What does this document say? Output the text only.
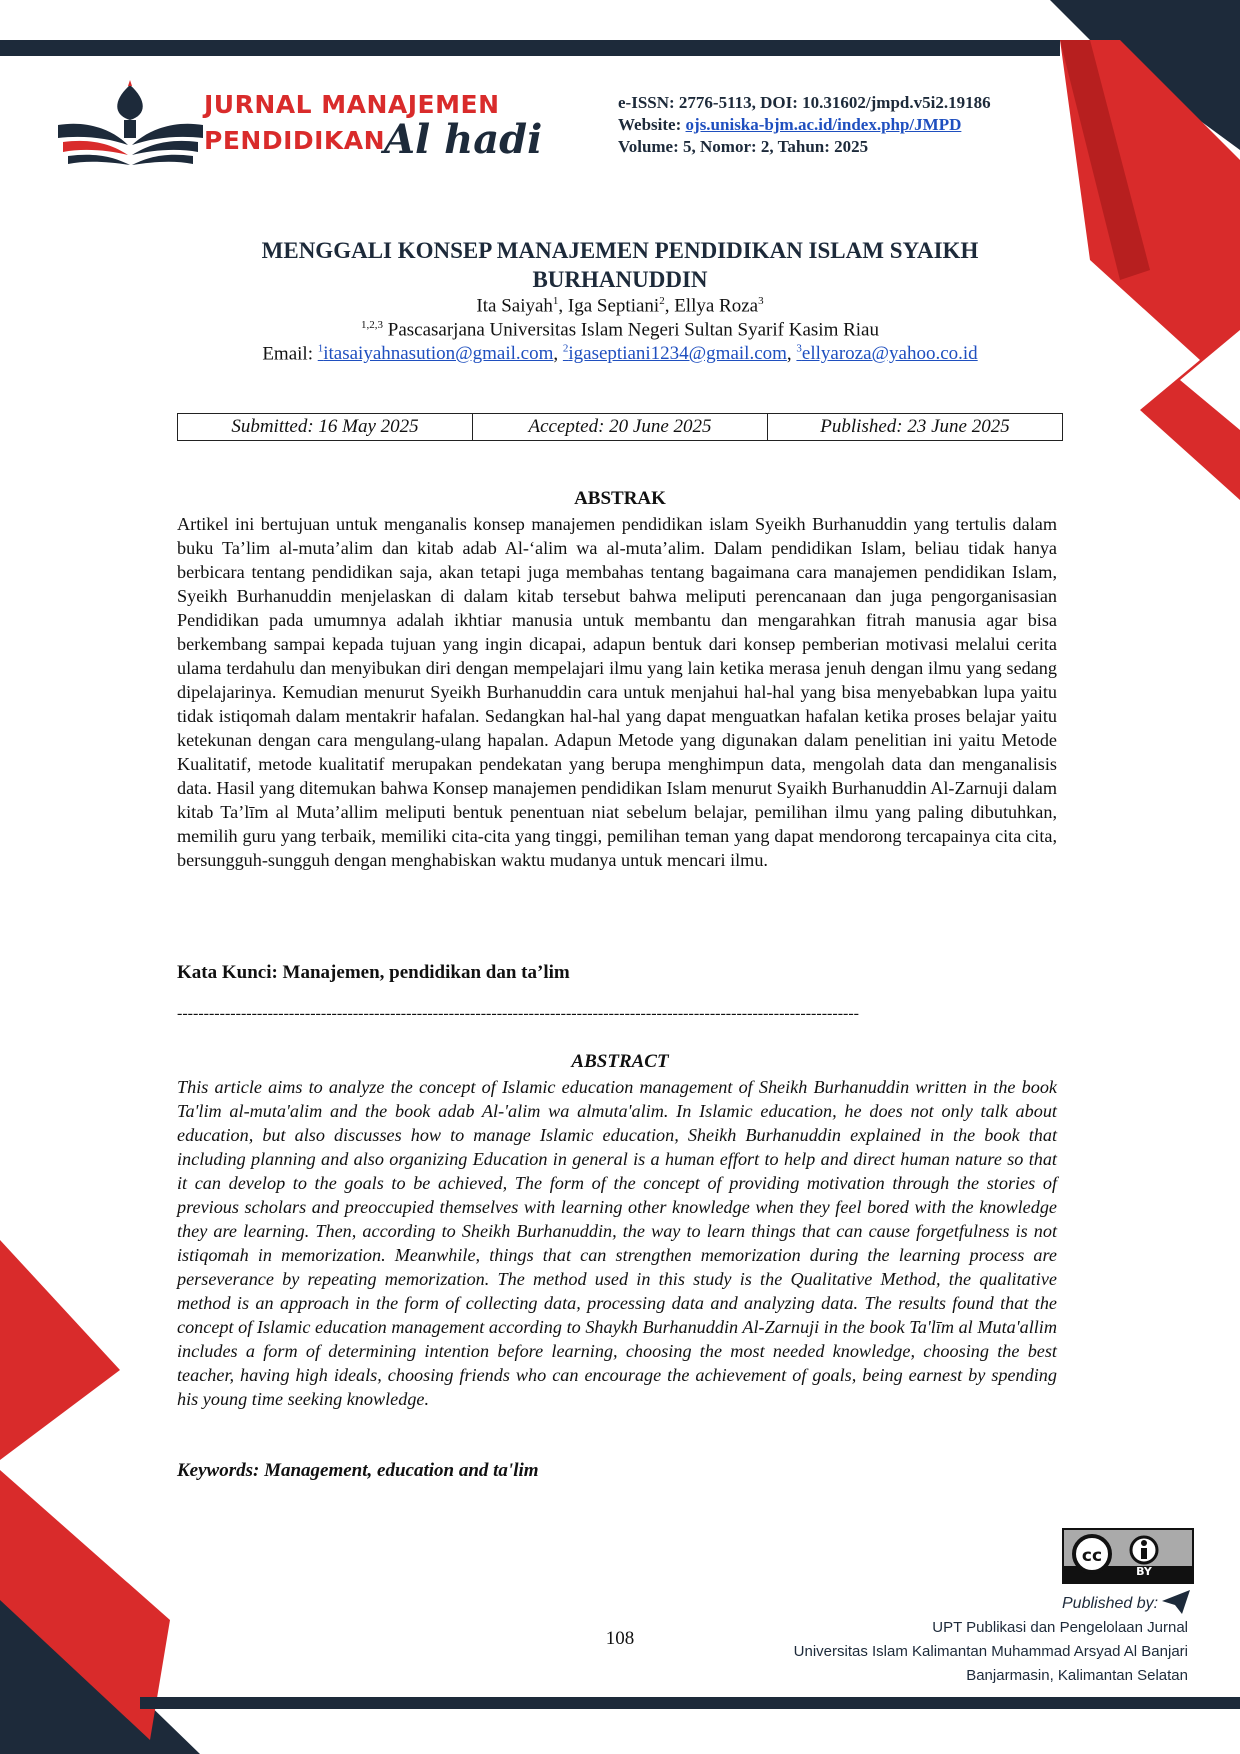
JURNAL MANAJEMEN
PENDIDIKAN
Al hadi
e-ISSN: 2776-5113, DOI: 10.31602/jmpd.v5i2.19186
Website: ojs.uniska-bjm.ac.id/index.php/JMPD
Volume: 5, Nomor: 2, Tahun: 2025
MENGGALI KONSEP MANAJEMEN PENDIDIKAN ISLAM SYAIKH
BURHANUDDIN
Ita Saiyah$^1$, Iga Septiani$^2$, Ellya Roza$^3$
$^{1,2,3}$ Pascasarjana Universitas Islam Negeri Sultan Syarif Kasim Riau
Email: $^1$itasaiyahnasution@gmail.com, $^2$igaseptiani1234@gmail.com, $^3$ellyaroza@yahoo.co.id
Submitted: 16 May 2025	Accepted: 20 June 2025	Published: 23 June 2025
ABSTRAK
Artikel ini bertujuan untuk menganalis konsep manajemen pendidikan islam Syeikh Burhanuddin yang tertulis dalam buku Ta’lim al-muta’alim dan kitab adab Al-‘alim wa al-muta’alim. Dalam pendidikan Islam, beliau tidak hanya berbicara tentang pendidikan saja, akan tetapi juga membahas tentang bagaimana cara manajemen pendidikan Islam, Syeikh Burhanuddin menjelaskan di dalam kitab tersebut bahwa meliputi perencanaan dan juga pengorganisasian Pendidikan pada umumnya adalah ikhtiar manusia untuk membantu dan mengarahkan fitrah manusia agar bisa berkembang sampai kepada tujuan yang ingin dicapai, adapun bentuk dari konsep pemberian motivasi melalui cerita ulama terdahulu dan menyibukan diri dengan mempelajari ilmu yang lain ketika merasa jenuh dengan ilmu yang sedang dipelajarinya. Kemudian menurut Syeikh Burhanuddin cara untuk menjahui hal-hal yang bisa menyebabkan lupa yaitu tidak istiqomah dalam mentakrir hafalan. Sedangkan hal-hal yang dapat menguatkan hafalan ketika proses belajar yaitu ketekunan dengan cara mengulang-ulang hapalan. Adapun Metode yang digunakan dalam penelitian ini yaitu Metode Kualitatif, metode kualitatif merupakan pendekatan yang berupa menghimpun data, mengolah data dan menganalisis data. Hasil yang ditemukan bahwa Konsep manajemen pendidikan Islam menurut Syaikh Burhanuddin Al-Zarnuji dalam kitab Ta’līm al Muta’allim meliputi bentuk penentuan niat sebelum belajar, pemilihan ilmu yang paling dibutuhkan, memilih guru yang terbaik, memiliki cita-cita yang tinggi, pemilihan teman yang dapat mendorong tercapainya cita cita, bersungguh-sungguh dengan menghabiskan waktu mudanya untuk mencari ilmu.
Kata Kunci: Manajemen, pendidikan dan ta’lim
--------------------------------------------------------------------------------------------------------------------------------
ABSTRACT
This article aims to analyze the concept of Islamic education management of Sheikh Burhanuddin written in the book Ta'lim al-muta'alim and the book adab Al-'alim wa almuta'alim. In Islamic education, he does not only talk about education, but also discusses how to manage Islamic education, Sheikh Burhanuddin explained in the book that including planning and also organizing Education in general is a human effort to help and direct human nature so that it can develop to the goals to be achieved, The form of the concept of providing motivation through the stories of previous scholars and preoccupied themselves with learning other knowledge when they feel bored with the knowledge they are learning. Then, according to Sheikh Burhanuddin, the way to learn things that can cause forgetfulness is not istiqomah in memorization. Meanwhile, things that can strengthen memorization during the learning process are perseverance by repeating memorization. The method used in this study is the Qualitative Method, the qualitative method is an approach in the form of collecting data, processing data and analyzing data. The results found that the concept of Islamic education management according to Shaykh Burhanuddin Al-Zarnuji in the book Ta'līm al Muta'allim includes a form of determining intention before learning, choosing the most needed knowledge, choosing the best teacher, having high ideals, choosing friends who can encourage the achievement of goals, being earnest by spending his young time seeking knowledge.
Keywords: Management, education and ta'lim
cc
BY
Published by:
UPT Publikasi dan Pengelolaan Jurnal
Universitas Islam Kalimantan Muhammad Arsyad Al Banjari
Banjarmasin, Kalimantan Selatan
108
